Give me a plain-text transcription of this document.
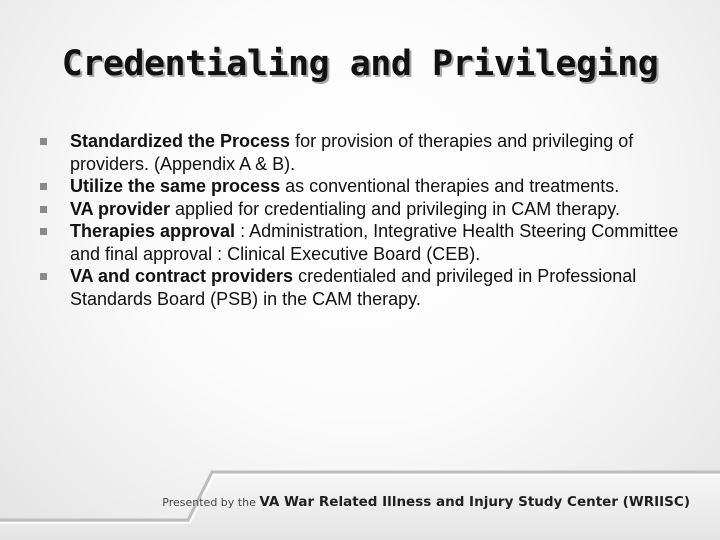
Credentialing and Privileging
Standardized the Process for provision of therapies and privileging of providers. (Appendix A & B).
Utilize the same process as conventional therapies and treatments.
VA provider applied for credentialing and privileging in CAM therapy.
Therapies approval : Administration, Integrative Health Steering Committee and final approval : Clinical Executive Board (CEB).
VA and contract providers credentialed and privileged in Professional Standards Board (PSB) in the CAM therapy.
Presented by the VA War Related Illness and Injury Study Center (WRIISC)
